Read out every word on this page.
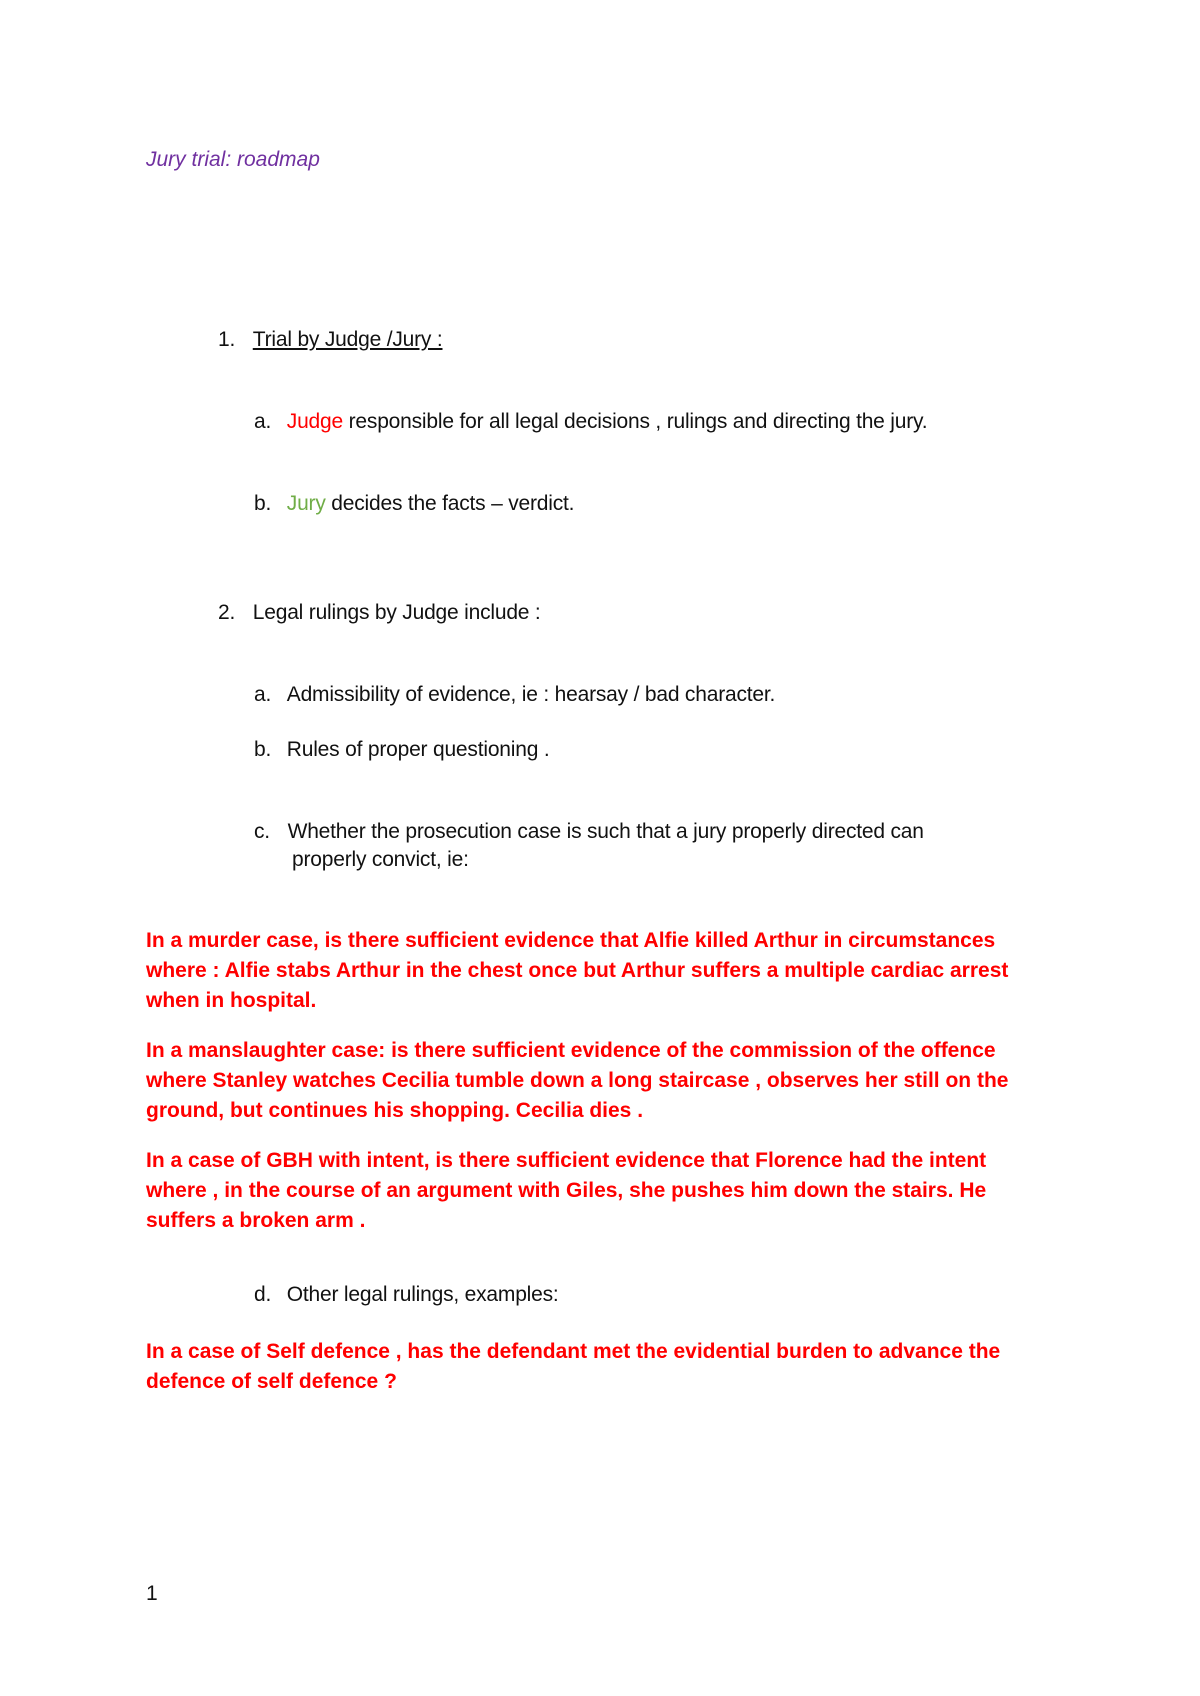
Jury trial: roadmap
1. Trial by Judge /Jury :
a. Judge responsible for all legal decisions , rulings and directing the jury.
b. Jury decides the facts – verdict.
2. Legal rulings by Judge include :
a. Admissibility of evidence, ie : hearsay / bad character.
b. Rules of proper questioning .
c. Whether the prosecution case is such that a jury properly directed can
properly convict, ie:
In a murder case, is there sufficient evidence that Alfie killed Arthur in circumstances where : Alfie stabs Arthur in the chest once but Arthur suffers a multiple cardiac arrest when in hospital.
In a manslaughter case: is there sufficient evidence of the commission of the offence where Stanley watches Cecilia tumble down a long staircase , observes her still on the ground, but continues his shopping. Cecilia dies .
In a case of GBH with intent, is there sufficient evidence that Florence had the intent where , in the course of an argument with Giles, she pushes him down the stairs. He suffers a broken arm .
d. Other legal rulings, examples:
In a case of Self defence , has the defendant met the evidential burden to advance the defence of self defence ?
1
